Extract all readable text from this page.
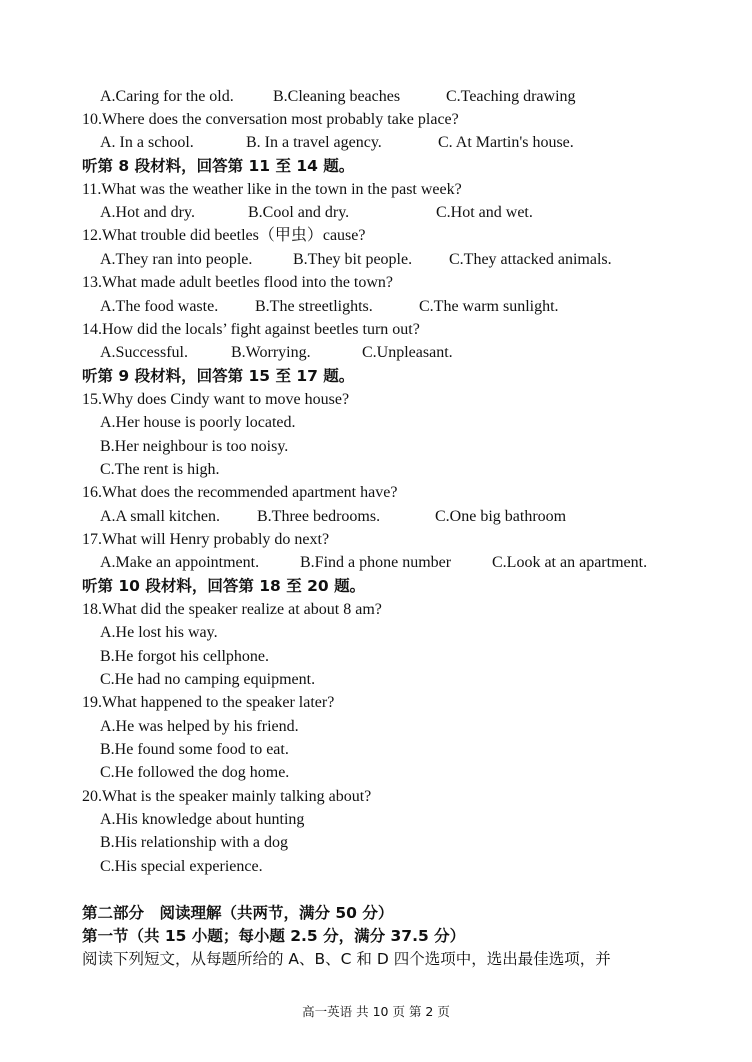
A.Caring for the old. B.Cleaning beaches	C.Teaching drawing
10.Where does the conversation most probably take place?
A. In a school.	B. In a travel agency.	C. At Martin's house.
听第 8 段材料，回答第 11 至 14 题。
11.What was the weather like in the town in the past week?
A.Hot and dry.	B.Cool and dry.	C.Hot and wet.
12.What trouble did beetles（甲虫）cause?
A.They ran into people.	B.They bit people. C.They attacked animals.
13.What made adult beetles flood into the town?
A.The food waste. B.The streetlights.	C.The warm sunlight.
14.How did the locals’ fight against beetles turn out?
A.Successful.	B.Worrying.	C.Unpleasant.
听第 9 段材料，回答第 15 至 17 题。
15.Why does Cindy want to move house?
A.Her house is poorly located.
B.Her neighbour is too noisy.
C.The rent is high.
16.What does the recommended apartment have?
A.A small kitchen. B.Three bedrooms.	C.One big bathroom
17.What will Henry probably do next?
A.Make an appointment.	B.Find a phone number	C.Look at an apartment.
听第 10 段材料，回答第 18 至 20 题。
18.What did the speaker realize at about 8 am?
A.He lost his way.
B.He forgot his cellphone.
C.He had no camping equipment.
19.What happened to the speaker later?
A.He was helped by his friend.
B.He found some food to eat.
C.He followed the dog home.
20.What is the speaker mainly talking about?
A.His knowledge about hunting
B.His relationship with a dog
C.His special experience.
第二部分　阅读理解（共两节，满分 50 分）
第一节（共 15 小题；每小题 2.5 分，满分 37.5 分）
阅读下列短文，从每题所给的 A、B、C 和 D 四个选项中，选出最佳选项，并
高一英语 共 10 页 第 2 页
